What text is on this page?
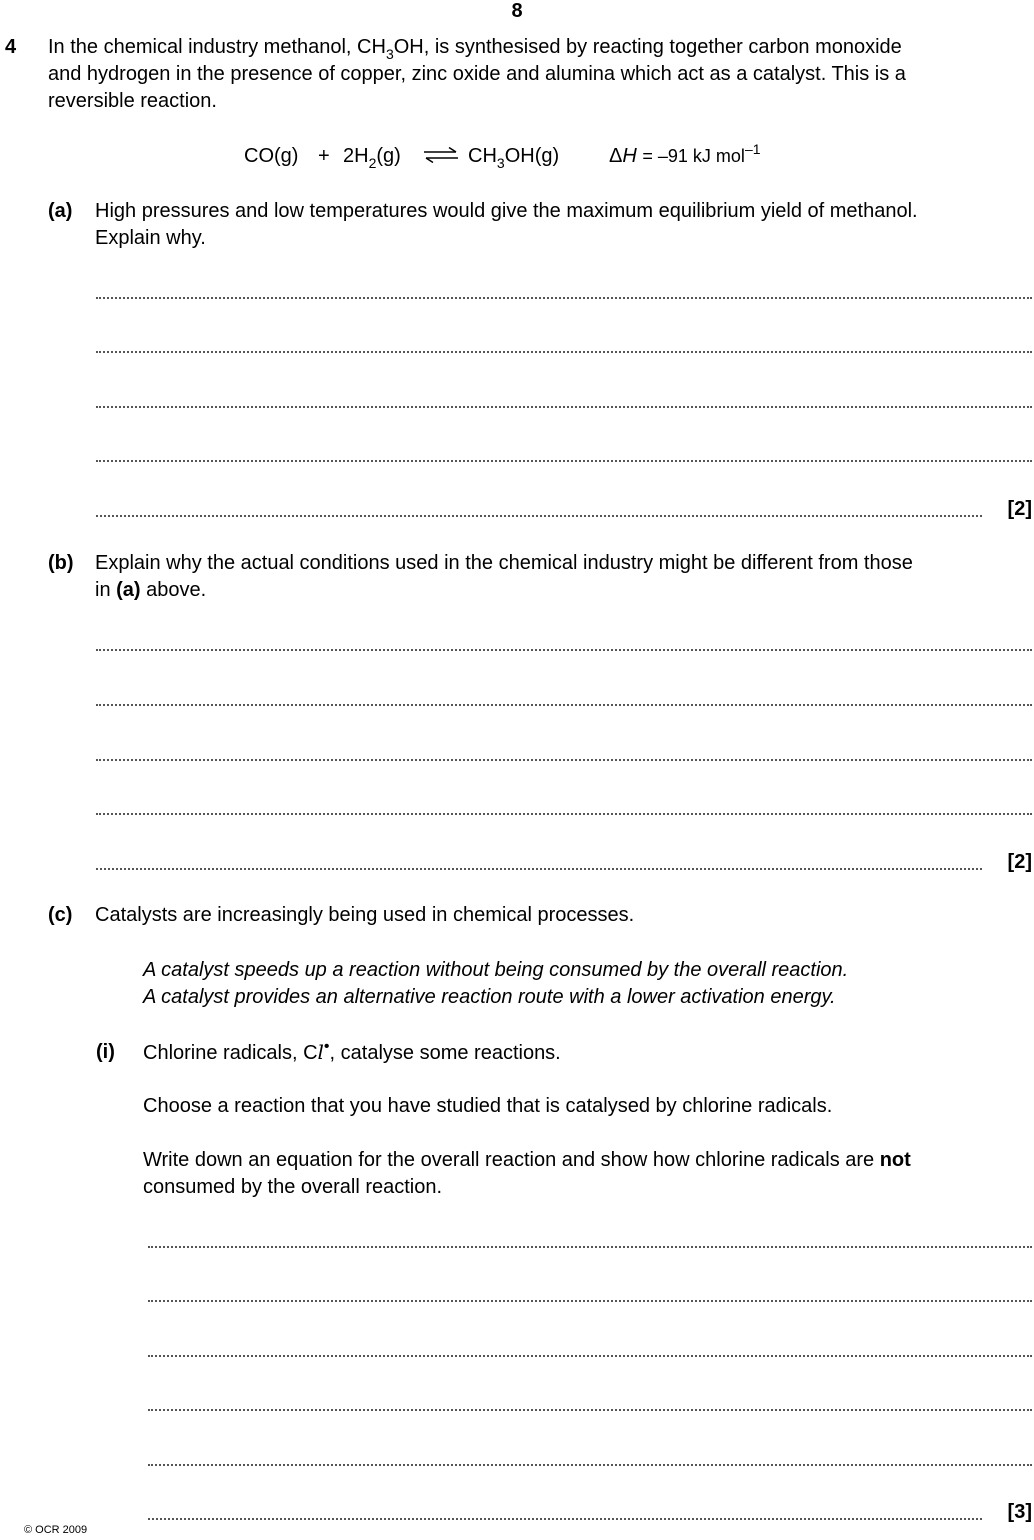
8
4 In the chemical industry methanol, $CH_3OH$, is synthesised by reacting together carbon monoxide
and hydrogen in the presence of copper, zinc oxide and alumina which act as a catalyst. This is a
reversible reaction.
$CO(g) + 2H_2(g)$ ⇌ $CH_3OH(g) \Delta H = -91$ kJ mol$^{-1}$
(a) High pressures and low temperatures would give the maximum equilibrium yield of methanol.
Explain why.
[2]
(b) Explain why the actual conditions used in the chemical industry might be different from those
in (a) above.
[2]
(c) Catalysts are increasingly being used in chemical processes.
A catalyst speeds up a reaction without being consumed by the overall reaction.
A catalyst provides an alternative reaction route with a lower activation energy.
(i) Chlorine radicals, Cl•, catalyse some reactions.
Choose a reaction that you have studied that is catalysed by chlorine radicals.
Write down an equation for the overall reaction and show how chlorine radicals are not
consumed by the overall reaction.
[3]
© OCR 2009
